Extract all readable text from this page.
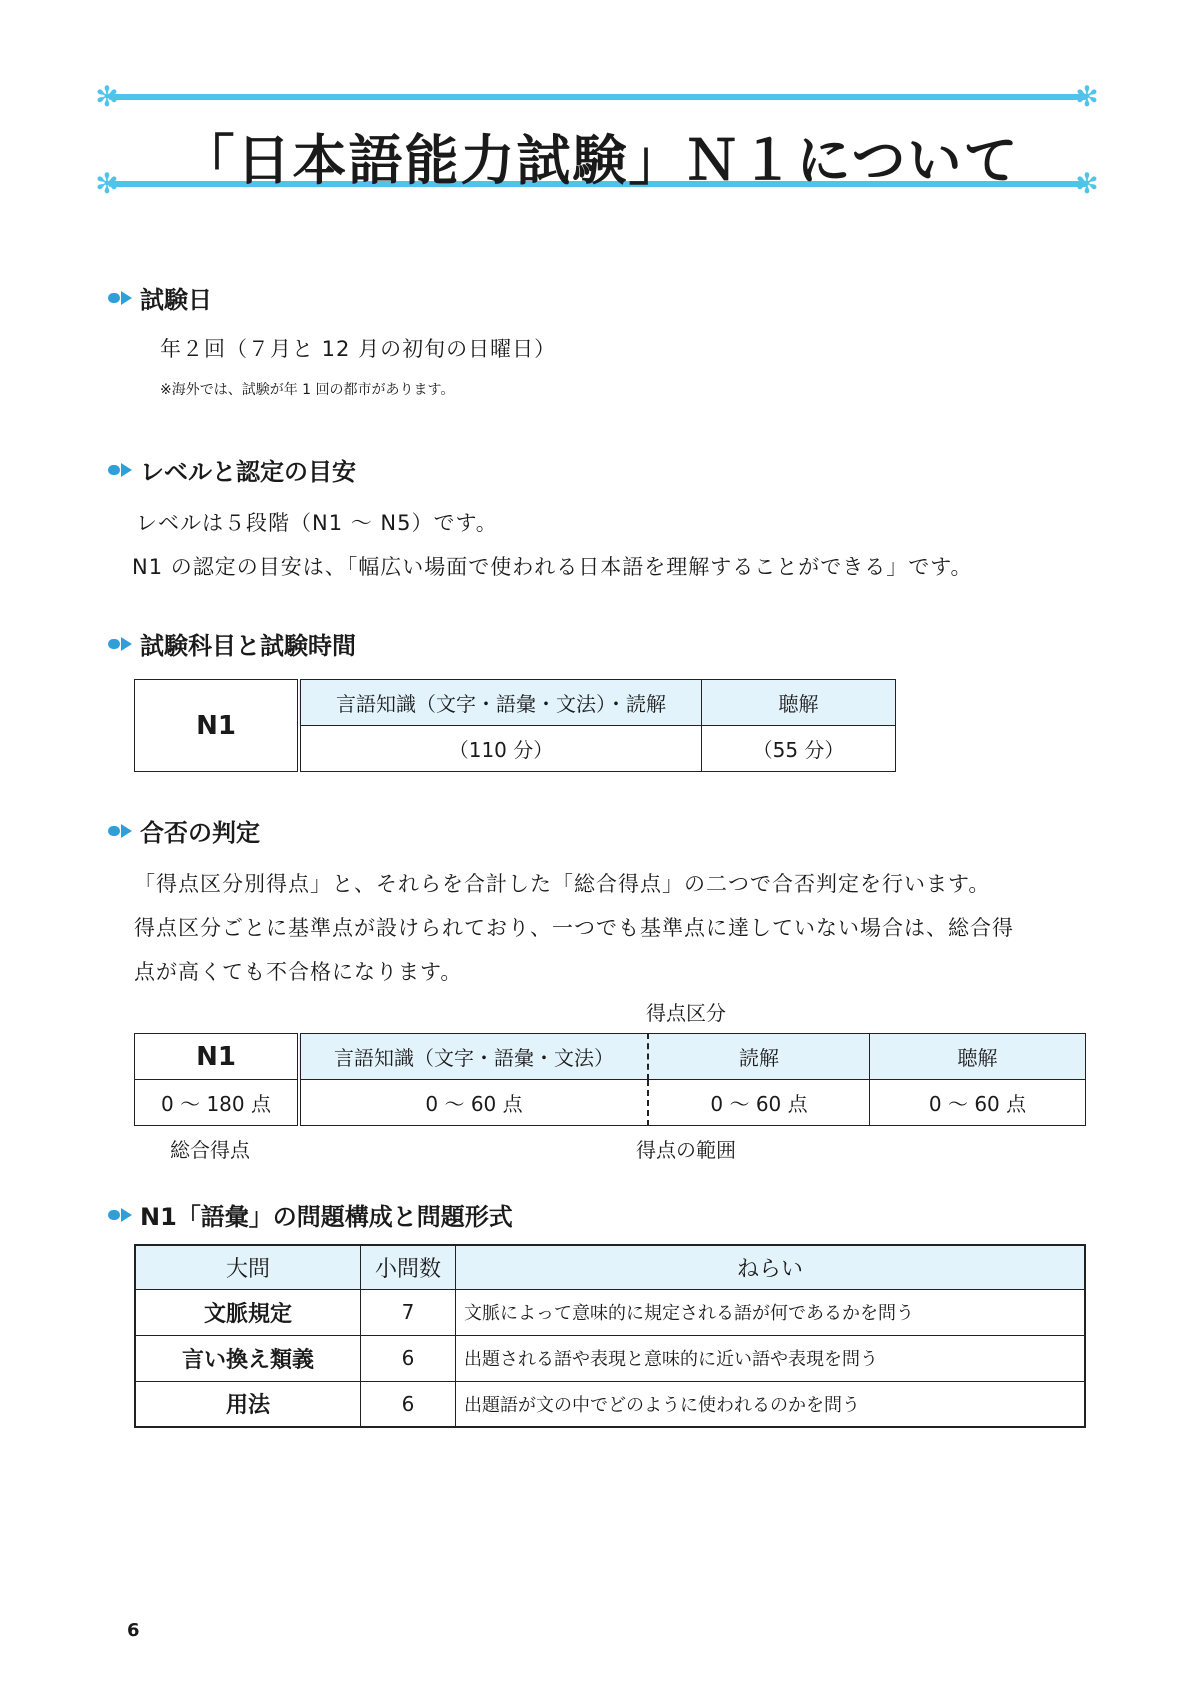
✻	✻
✻	✻
「日本語能力試験」Ｎ１について
試験日
年２回（７月と 12 月の初旬の日曜日）
※海外では、試験が年 1 回の都市があります。
レベルと認定の目安
レベルは５段階（N1 ～ N5）です。
N1 の認定の目安は、「幅広い場面で使われる日本語を理解することができる」です。
試験科目と試験時間
N1	言語知識（文字・語彙・文法）・読解	聴解
	（110 分）	（55 分）
合否の判定
「得点区分別得点」と、それらを合計した「総合得点」の二つで合否判定を行います。
得点区分ごとに基準点が設けられており、一つでも基準点に達していない場合は、総合得
点が高くても不合格になります。
得点区分
N1	言語知識（文字・語彙・文法）	読解	聴解
0 ～ 180 点	0 ～ 60 点	0 ～ 60 点	0 ～ 60 点
総合得点	得点の範囲
N1「語彙」の問題構成と問題形式
大問	小問数	ねらい
文脈規定	7	文脈によって意味的に規定される語が何であるかを問う
言い換え類義	6	出題される語や表現と意味的に近い語や表現を問う
用法	6	出題語が文の中でどのように使われるのかを問う
6
